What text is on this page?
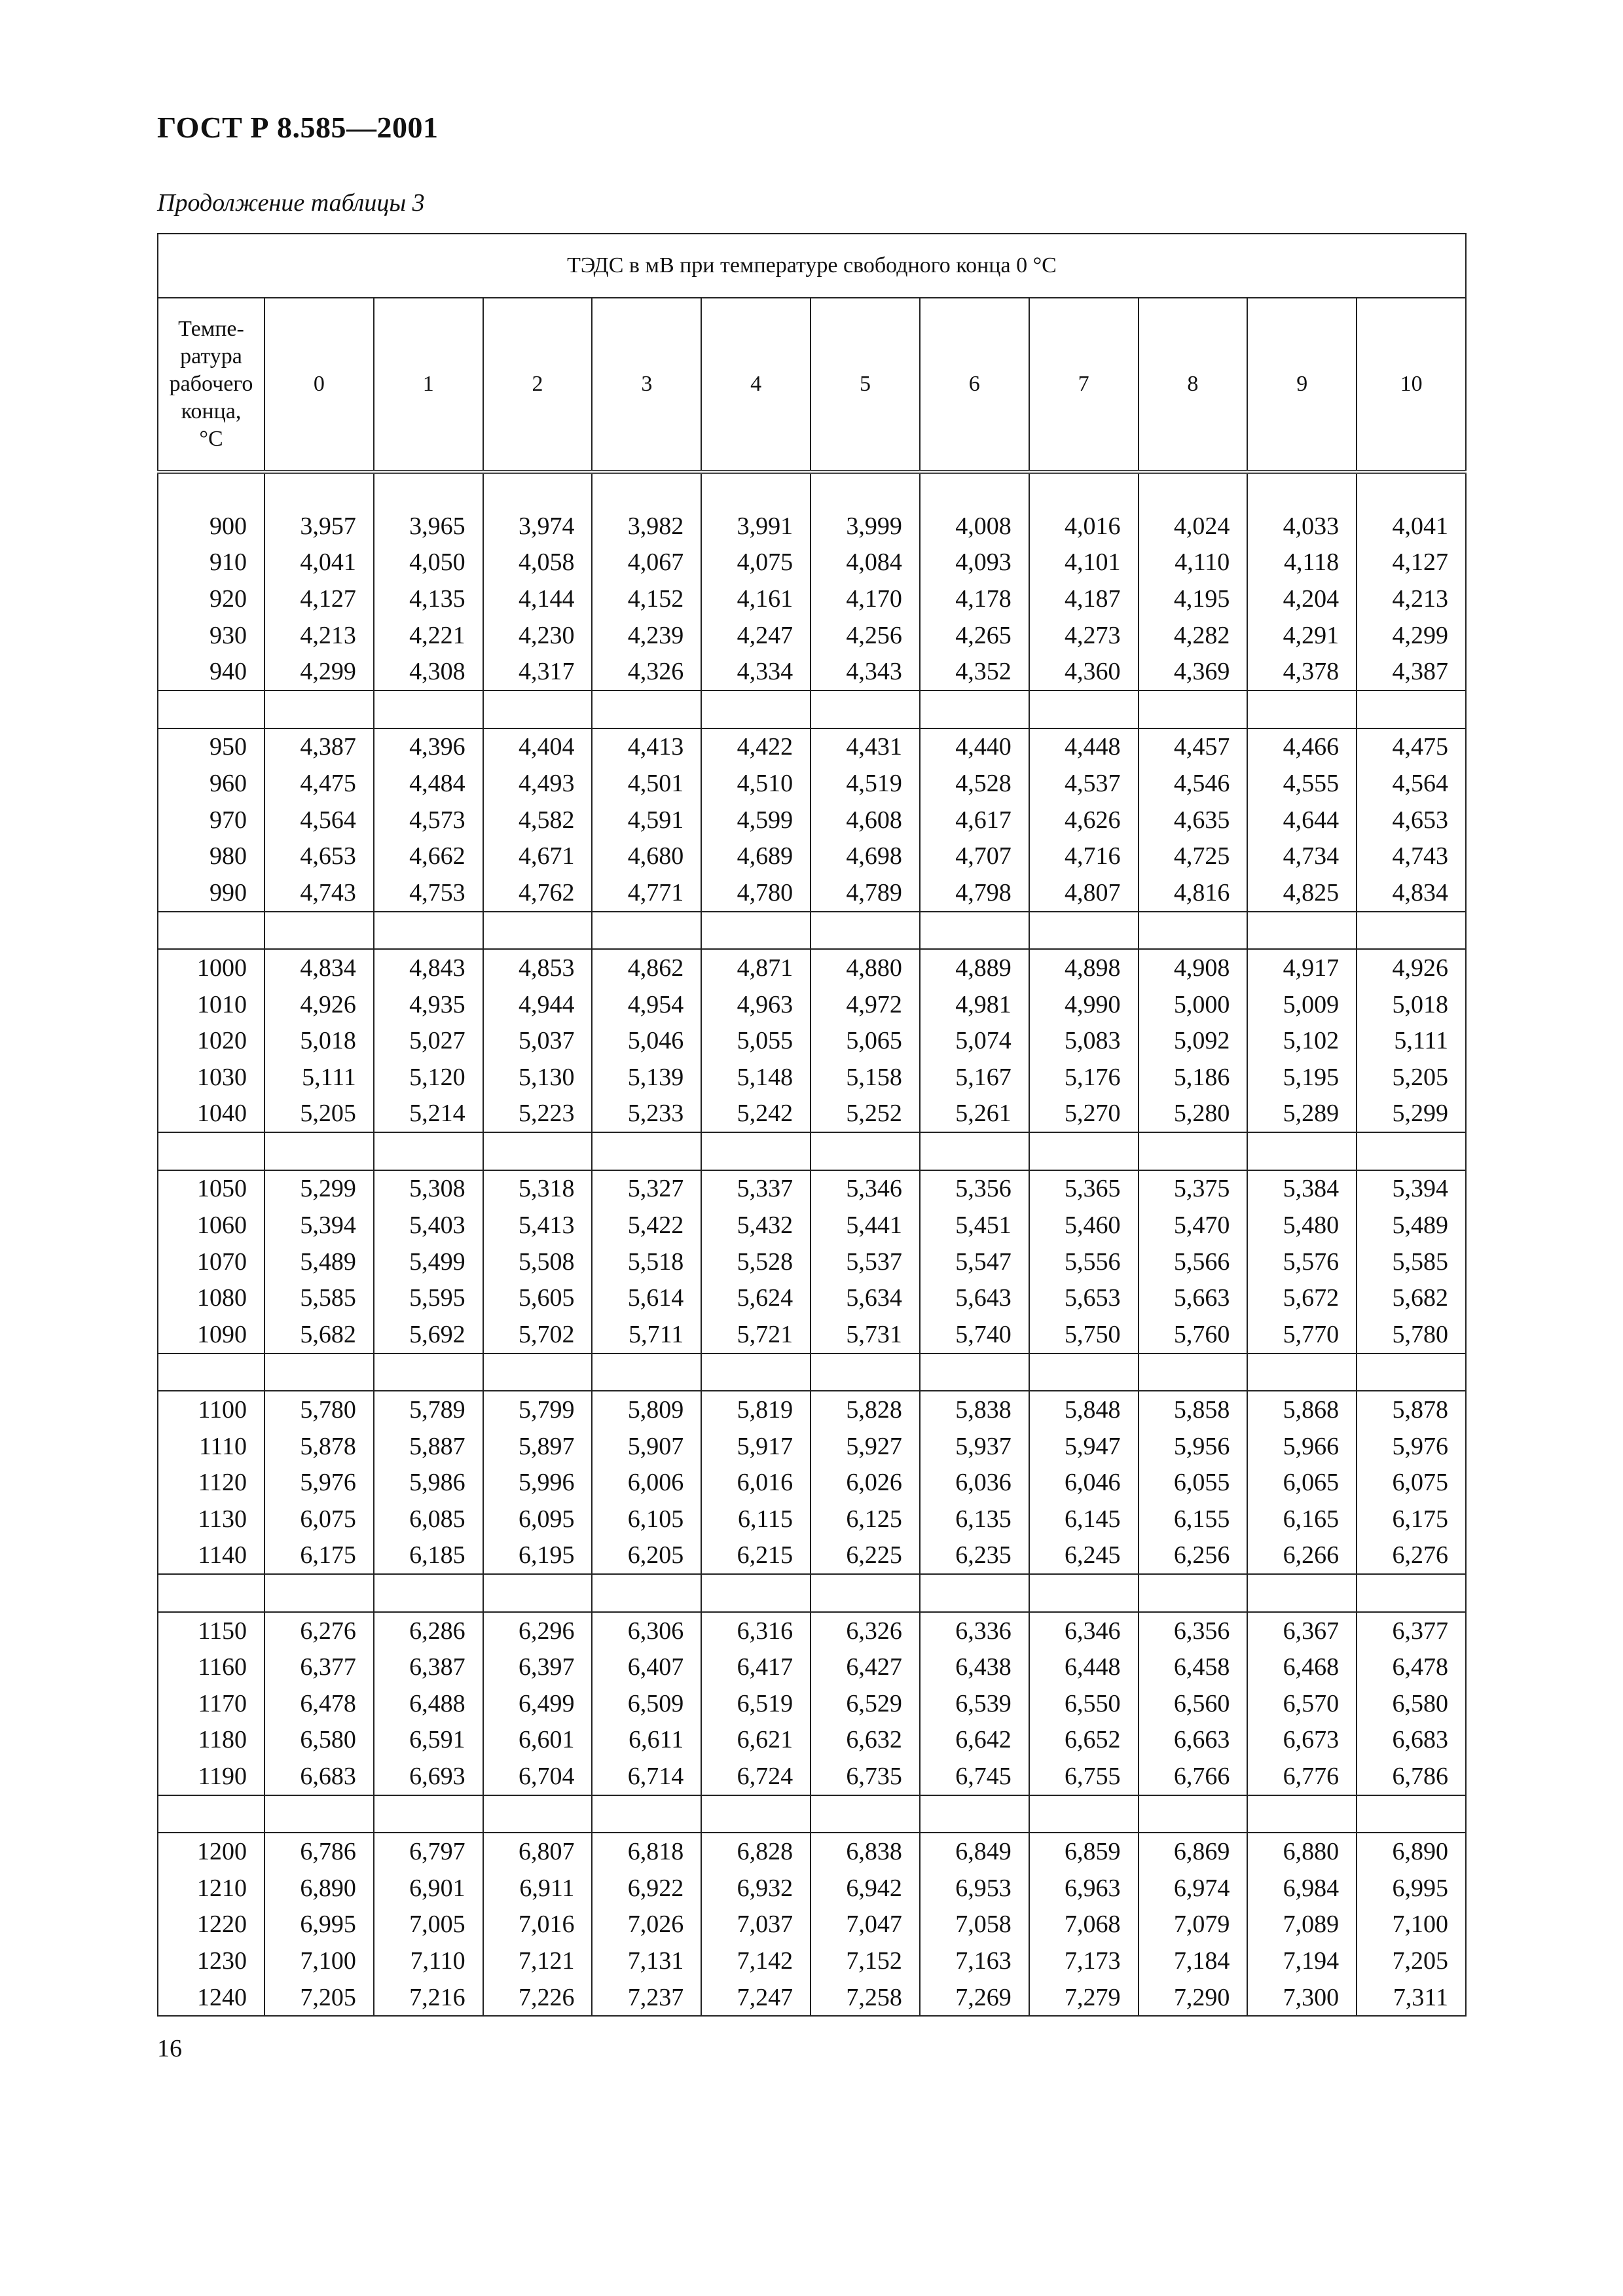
ГОСТ Р 8.585—2001
Продолжение таблицы 3
ТЭДС в мВ при температуре свободного конца 0 °С											
Темпе-
ратура
рабочего
конца,
°С	0	1	2	3	4	5	6	7	8	9	10

900	3,957	3,965	3,974	3,982	3,991	3,999	4,008	4,016	4,024	4,033	4,041
910	4,041	4,050	4,058	4,067	4,075	4,084	4,093	4,101	4,110	4,118	4,127
920	4,127	4,135	4,144	4,152	4,161	4,170	4,178	4,187	4,195	4,204	4,213
930	4,213	4,221	4,230	4,239	4,247	4,256	4,265	4,273	4,282	4,291	4,299
940	4,299	4,308	4,317	4,326	4,334	4,343	4,352	4,360	4,369	4,378	4,387

950	4,387	4,396	4,404	4,413	4,422	4,431	4,440	4,448	4,457	4,466	4,475
960	4,475	4,484	4,493	4,501	4,510	4,519	4,528	4,537	4,546	4,555	4,564
970	4,564	4,573	4,582	4,591	4,599	4,608	4,617	4,626	4,635	4,644	4,653
980	4,653	4,662	4,671	4,680	4,689	4,698	4,707	4,716	4,725	4,734	4,743
990	4,743	4,753	4,762	4,771	4,780	4,789	4,798	4,807	4,816	4,825	4,834

1000	4,834	4,843	4,853	4,862	4,871	4,880	4,889	4,898	4,908	4,917	4,926
1010	4,926	4,935	4,944	4,954	4,963	4,972	4,981	4,990	5,000	5,009	5,018
1020	5,018	5,027	5,037	5,046	5,055	5,065	5,074	5,083	5,092	5,102	5,111
1030	5,111	5,120	5,130	5,139	5,148	5,158	5,167	5,176	5,186	5,195	5,205
1040	5,205	5,214	5,223	5,233	5,242	5,252	5,261	5,270	5,280	5,289	5,299

1050	5,299	5,308	5,318	5,327	5,337	5,346	5,356	5,365	5,375	5,384	5,394
1060	5,394	5,403	5,413	5,422	5,432	5,441	5,451	5,460	5,470	5,480	5,489
1070	5,489	5,499	5,508	5,518	5,528	5,537	5,547	5,556	5,566	5,576	5,585
1080	5,585	5,595	5,605	5,614	5,624	5,634	5,643	5,653	5,663	5,672	5,682
1090	5,682	5,692	5,702	5,711	5,721	5,731	5,740	5,750	5,760	5,770	5,780

1100	5,780	5,789	5,799	5,809	5,819	5,828	5,838	5,848	5,858	5,868	5,878
1110	5,878	5,887	5,897	5,907	5,917	5,927	5,937	5,947	5,956	5,966	5,976
1120	5,976	5,986	5,996	6,006	6,016	6,026	6,036	6,046	6,055	6,065	6,075
1130	6,075	6,085	6,095	6,105	6,115	6,125	6,135	6,145	6,155	6,165	6,175
1140	6,175	6,185	6,195	6,205	6,215	6,225	6,235	6,245	6,256	6,266	6,276

1150	6,276	6,286	6,296	6,306	6,316	6,326	6,336	6,346	6,356	6,367	6,377
1160	6,377	6,387	6,397	6,407	6,417	6,427	6,438	6,448	6,458	6,468	6,478
1170	6,478	6,488	6,499	6,509	6,519	6,529	6,539	6,550	6,560	6,570	6,580
1180	6,580	6,591	6,601	6,611	6,621	6,632	6,642	6,652	6,663	6,673	6,683
1190	6,683	6,693	6,704	6,714	6,724	6,735	6,745	6,755	6,766	6,776	6,786

1200	6,786	6,797	6,807	6,818	6,828	6,838	6,849	6,859	6,869	6,880	6,890
1210	6,890	6,901	6,911	6,922	6,932	6,942	6,953	6,963	6,974	6,984	6,995
1220	6,995	7,005	7,016	7,026	7,037	7,047	7,058	7,068	7,079	7,089	7,100
1230	7,100	7,110	7,121	7,131	7,142	7,152	7,163	7,173	7,184	7,194	7,205
1240	7,205	7,216	7,226	7,237	7,247	7,258	7,269	7,279	7,290	7,300	7,311
16
